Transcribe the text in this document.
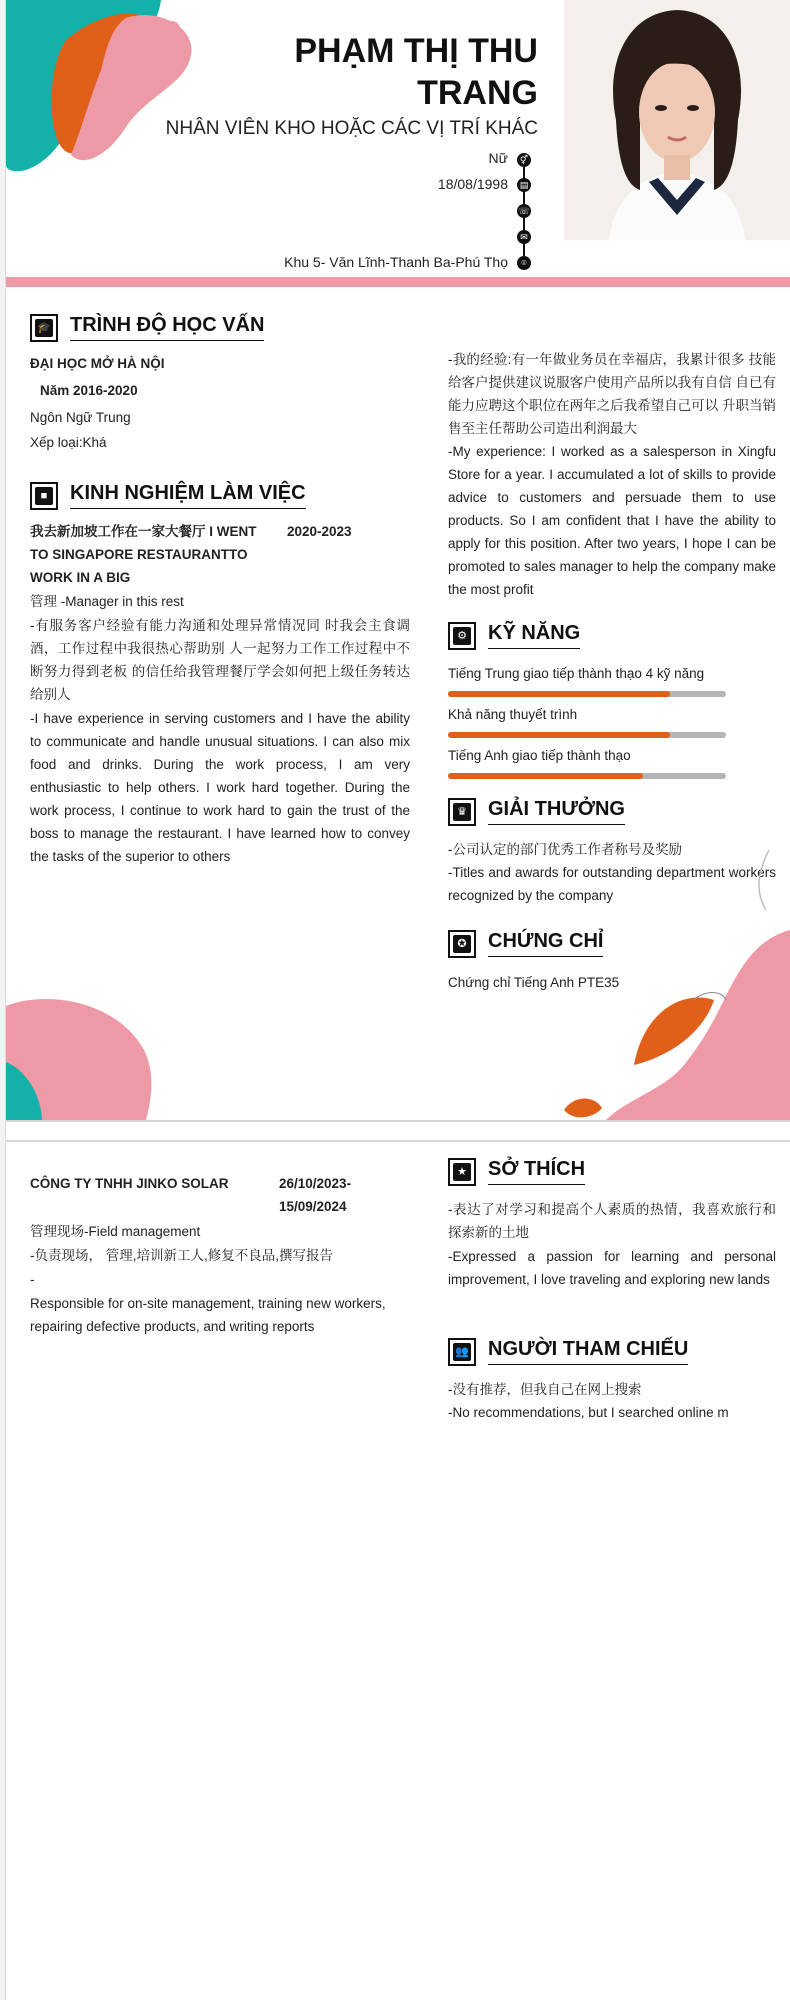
PHẠM THỊ THU
TRANG
NHÂN VIÊN KHO HOẶC CÁC VỊ TRÍ KHÁC
Nữ	⚥
18/08/1998	▤
☏
✉
Khu 5- Văn Lĩnh-Thanh Ba-Phú Thọ	⌾
🎓 TRÌNH ĐỘ HỌC VẤN
ĐẠI HỌC MỞ HÀ NỘI
Năm 2016-2020
Ngôn Ngữ Trung
Xếp loại:Khá
■ KINH NGHIỆM LÀM VIỆC
我去新加坡工作在一家大餐厅 I WENT
TO SINGAPORE RESTAURANTTO
WORK IN A BIG
2020-2023
管理 -Manager in this rest
-有服务客户经验有能力沟通和处理异常情况同 时我会主食调酒，工作过程中我很热心帮助别 人一起努力工作工作过程中不断努力得到老板 的信任给我管理餐厅学会如何把上级任务转达 给别人
-I have experience in serving customers and I have the ability to communicate and handle unusual situations. I can also mix food and drinks. During the work process, I am very enthusiastic to help others. I work hard together. During the work process, I continue to work hard to gain the trust of the boss to manage the restaurant. I have learned how to convey the tasks of the superior to others
-我的经验:有一年做业务员在幸福店，我累计很多 技能给客户提供建议说服客户使用产品所以我有自信 自已有能力应聘这个职位在两年之后我希望自己可以 升职当销售至主任帮助公司造出利润最大
-My experience: I worked as a salesperson in Xingfu Store for a year. I accumulated a lot of skills to provide advice to customers and persuade them to use products. So I am confident that I have the ability to apply for this position. After two years, I hope I can be promoted to sales manager to help the company make the most profit
⚙ KỸ NĂNG
Tiếng Trung giao tiếp thành thạo 4 kỹ năng
Khả năng thuyết trình
Tiếng Anh giao tiếp thành thạo
♛ GIẢI THƯỞNG
-公司认定的部门优秀工作者称号及奖励
-Titles and awards for outstanding department workers recognized by the company
✪ CHỨNG CHỈ
Chứng chỉ Tiếng Anh PTE35
CÔNG TY TNHH JINKO SOLAR	26/10/2023-
15/09/2024
管理现场-Field management
-负责现场， 管理,培训新工人,修复不良品,撰写报告
-
Responsible for on-site management, training new workers, repairing defective products, and writing reports
★ SỞ THÍCH
-表达了对学习和提高个人素质的热情，我喜欢旅行和探索新的土地
-Expressed a passion for learning and personal improvement, I love traveling and exploring new lands
👥 NGƯỜI THAM CHIẾU
-没有推荐，但我自己在网上搜索
-No recommendations, but I searched online m
